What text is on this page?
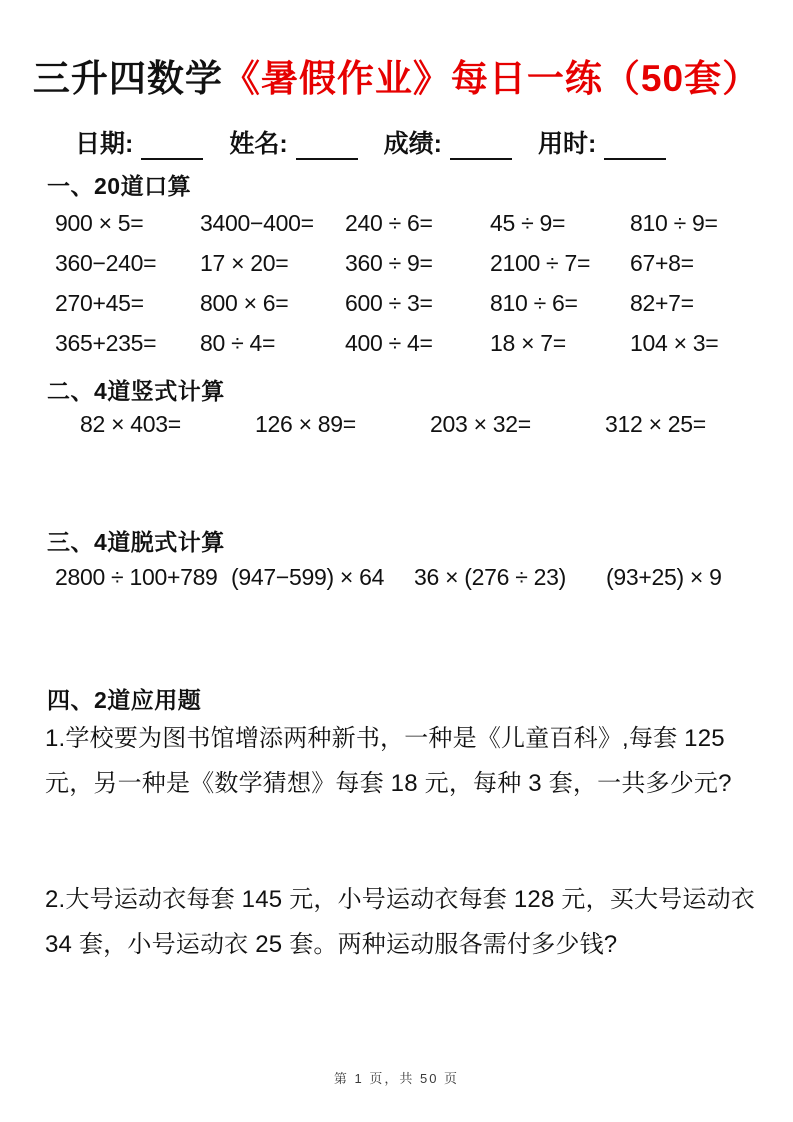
三升四数学《暑假作业》每日一练（50套）
日期:	姓名:	成绩:	用时:
一、20道口算
900 × 5=	3400−400=	240 ÷ 6=	45 ÷ 9=	810 ÷ 9=
360−240=	17 × 20=	360 ÷ 9=	2100 ÷ 7=	67+8=
270+45=	800 × 6=	600 ÷ 3=	810 ÷ 6=	82+7=
365+235=	80 ÷ 4=	400 ÷ 4=	18 × 7=	104 × 3=
二、4道竖式计算
82 × 403=	126 × 89=	203 × 32=	312 × 25=
三、4道脱式计算
2800 ÷ 100+789 (947−599) × 64	36 × (276 ÷ 23)	(93+25) × 9
四、2道应用题
1.学校要为图书馆增添两种新书，一种是《儿童百科》,每套 125 元，另一种是《数学猜想》每套 18 元，每种 3 套，一共多少元?
2.大号运动衣每套 145 元，小号运动衣每套 128 元，买大号运动衣 34 套，小号运动衣 25 套。两种运动服各需付多少钱?
第 1 页，共 50 页
